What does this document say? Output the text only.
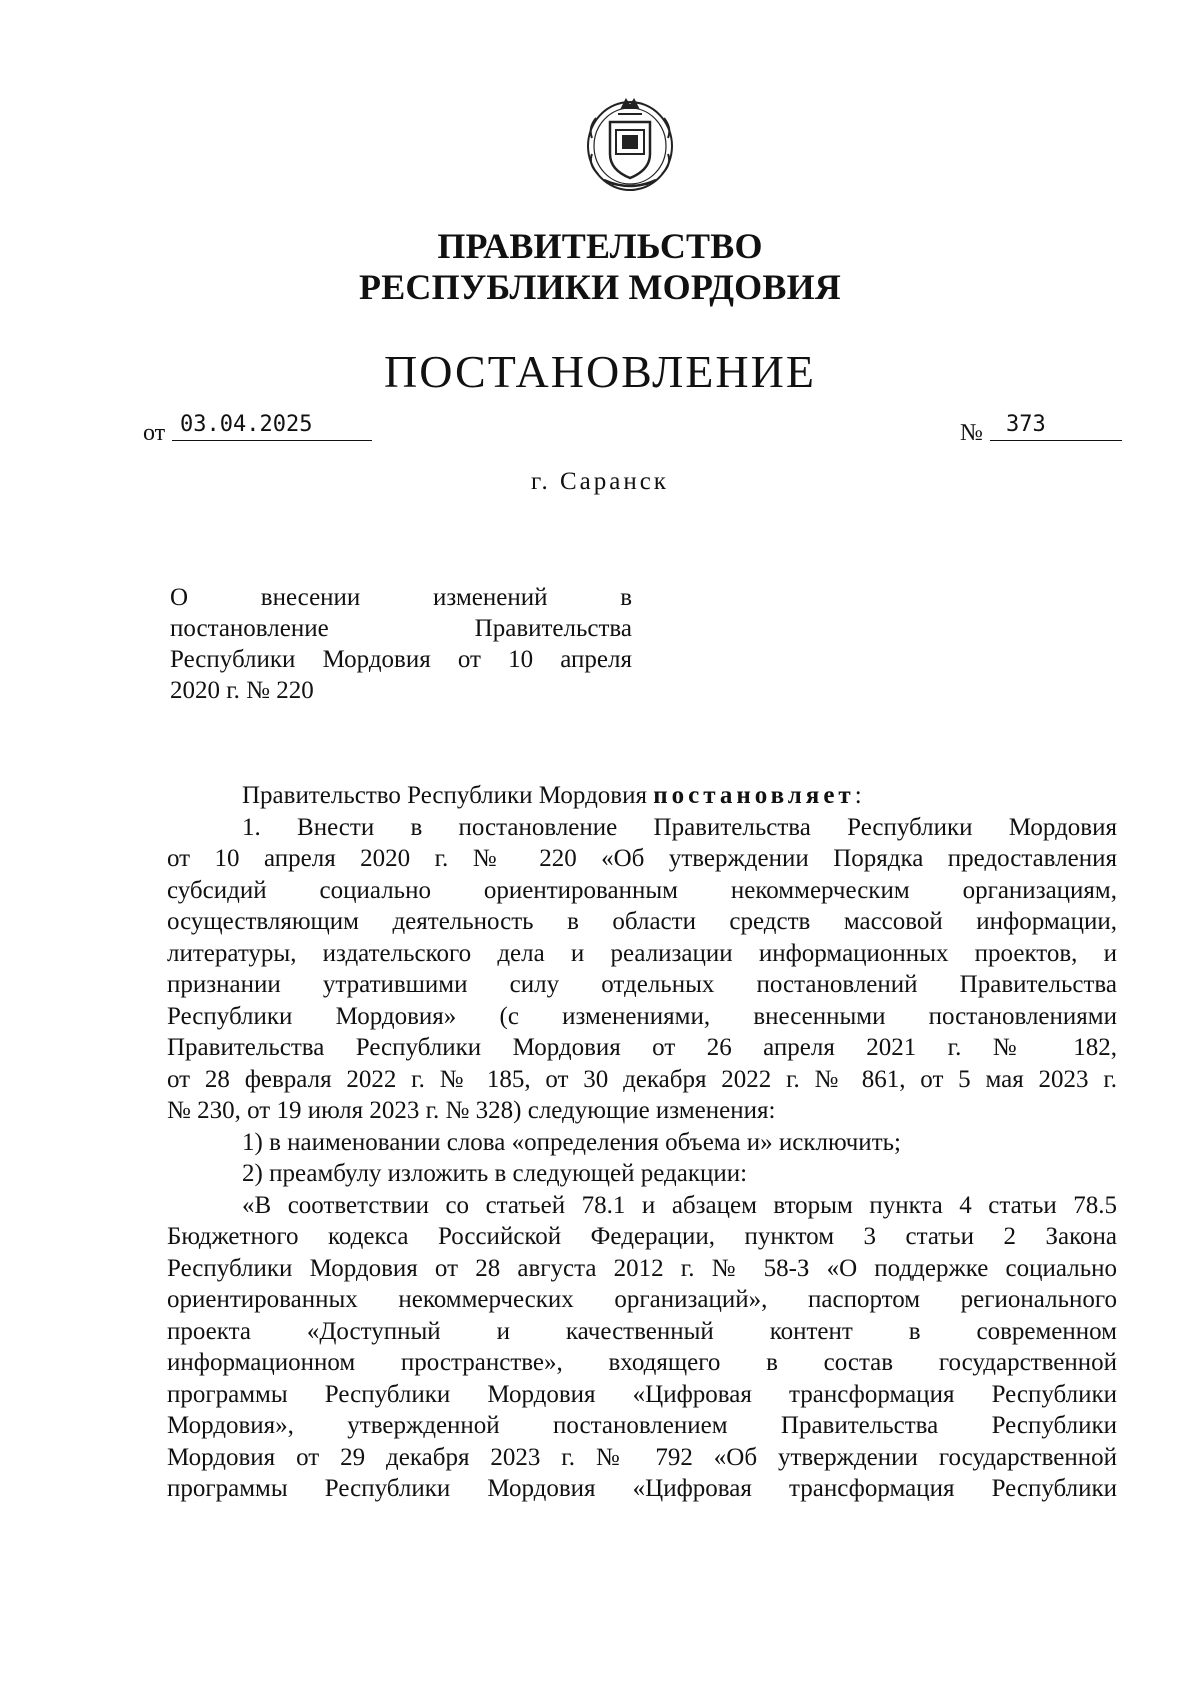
ПРАВИТЕЛЬСТВО
РЕСПУБЛИКИ МОРДОВИЯ
ПОСТАНОВЛЕНИЕ
от 03.04.2025	№	373
г. Саранск
О внесении изменений в
постановление Правительства
Республики Мордовия от 10 апреля
2020 г. № 220
Правительство Республики Мордовия постановляет:
1. Внести в постановление Правительства Республики Мордовия
от 10 апреля 2020 г. № 220 «Об утверждении Порядка предоставления
субсидий социально ориентированным некоммерческим организациям,
осуществляющим деятельность в области средств массовой информации,
литературы, издательского дела и реализации информационных проектов, и
признании утратившими силу отдельных постановлений Правительства
Республики Мордовия» (с изменениями, внесенными постановлениями
Правительства Республики Мордовия от 26 апреля 2021 г. № 182,
от 28 февраля 2022 г. № 185, от 30 декабря 2022 г. № 861, от 5 мая 2023 г.
№ 230, от 19 июля 2023 г. № 328) следующие изменения:
1) в наименовании слова «определения объема и» исключить;
2) преамбулу изложить в следующей редакции:
«В соответствии со статьей 78.1 и абзацем вторым пункта 4 статьи 78.5
Бюджетного кодекса Российской Федерации, пунктом 3 статьи 2 Закона
Республики Мордовия от 28 августа 2012 г. № 58-З «О поддержке социально
ориентированных некоммерческих организаций», паспортом регионального
проекта «Доступный и качественный контент в современном
информационном пространстве», входящего в состав государственной
программы Республики Мордовия «Цифровая трансформация Республики
Мордовия», утвержденной постановлением Правительства Республики
Мордовия от 29 декабря 2023 г. № 792 «Об утверждении государственной
программы Республики Мордовия «Цифровая трансформация Республики
